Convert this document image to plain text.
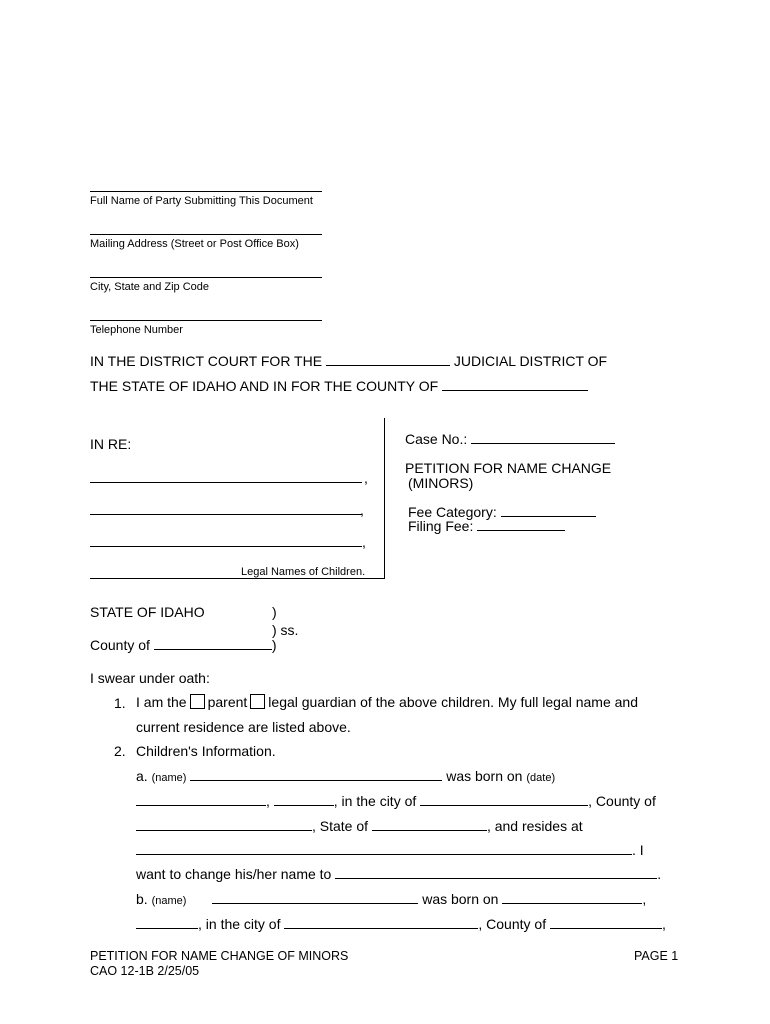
Full Name of Party Submitting This Document
Mailing Address (Street or Post Office Box)
City, State and Zip Code
Telephone Number
IN THE DISTRICT COURT FOR THE	JUDICIAL DISTRICT OF
THE STATE OF IDAHO AND IN FOR THE COUNTY OF
IN RE:
,
,
,
Legal Names of Children.
Case No.:
PETITION FOR NAME CHANGE
(MINORS)
Fee Category:
Filing Fee:
STATE OF IDAHO	)
) ss.
County of	)
I swear under oath:
1. I am the parent legal guardian of the above children. My full legal name and
current residence are listed above.
2. Children's Information.
a. (name)	was born on (date)
,	, in the city of	, County of
, State of	, and resides at
. I
want to change his/her name to	.
b. (name)	was born on	,
, in the city of	, County of	,
PETITION FOR NAME CHANGE OF MINORS
CAO 12-1B 2/25/05
PAGE 1
